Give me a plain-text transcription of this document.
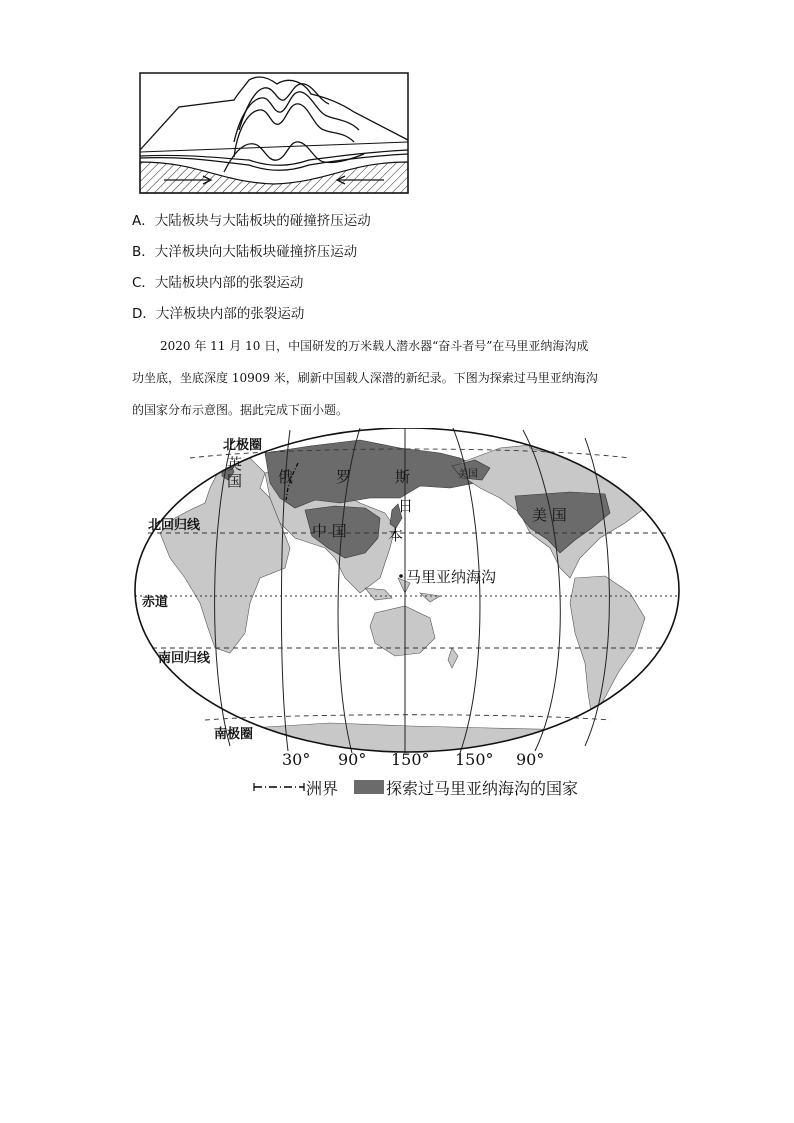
A．大陆板块与大陆板块的碰撞挤压运动
B．大洋板块向大陆板块碰撞挤压运动
C．大陆板块内部的张裂运动
D．大洋板块内部的张裂运动
2020 年 11 月 10 日，中国研发的万米载人潜水器“奋斗者号”在马里亚纳海沟成
功坐底，坐底深度 10909 米，刷新中国载人深潜的新纪录。下图为探索过马里亚纳海沟
的国家分布示意图。据此完成下面小题。
北极圈
北回归线
赤道
南回归线
南极圈
英
国 俄	罗	斯
中 国
日
本
美 国
美国
马里亚纳海沟
30° 90° 150° 150° 90°
洲界	探索过马里亚纳海沟的国家
